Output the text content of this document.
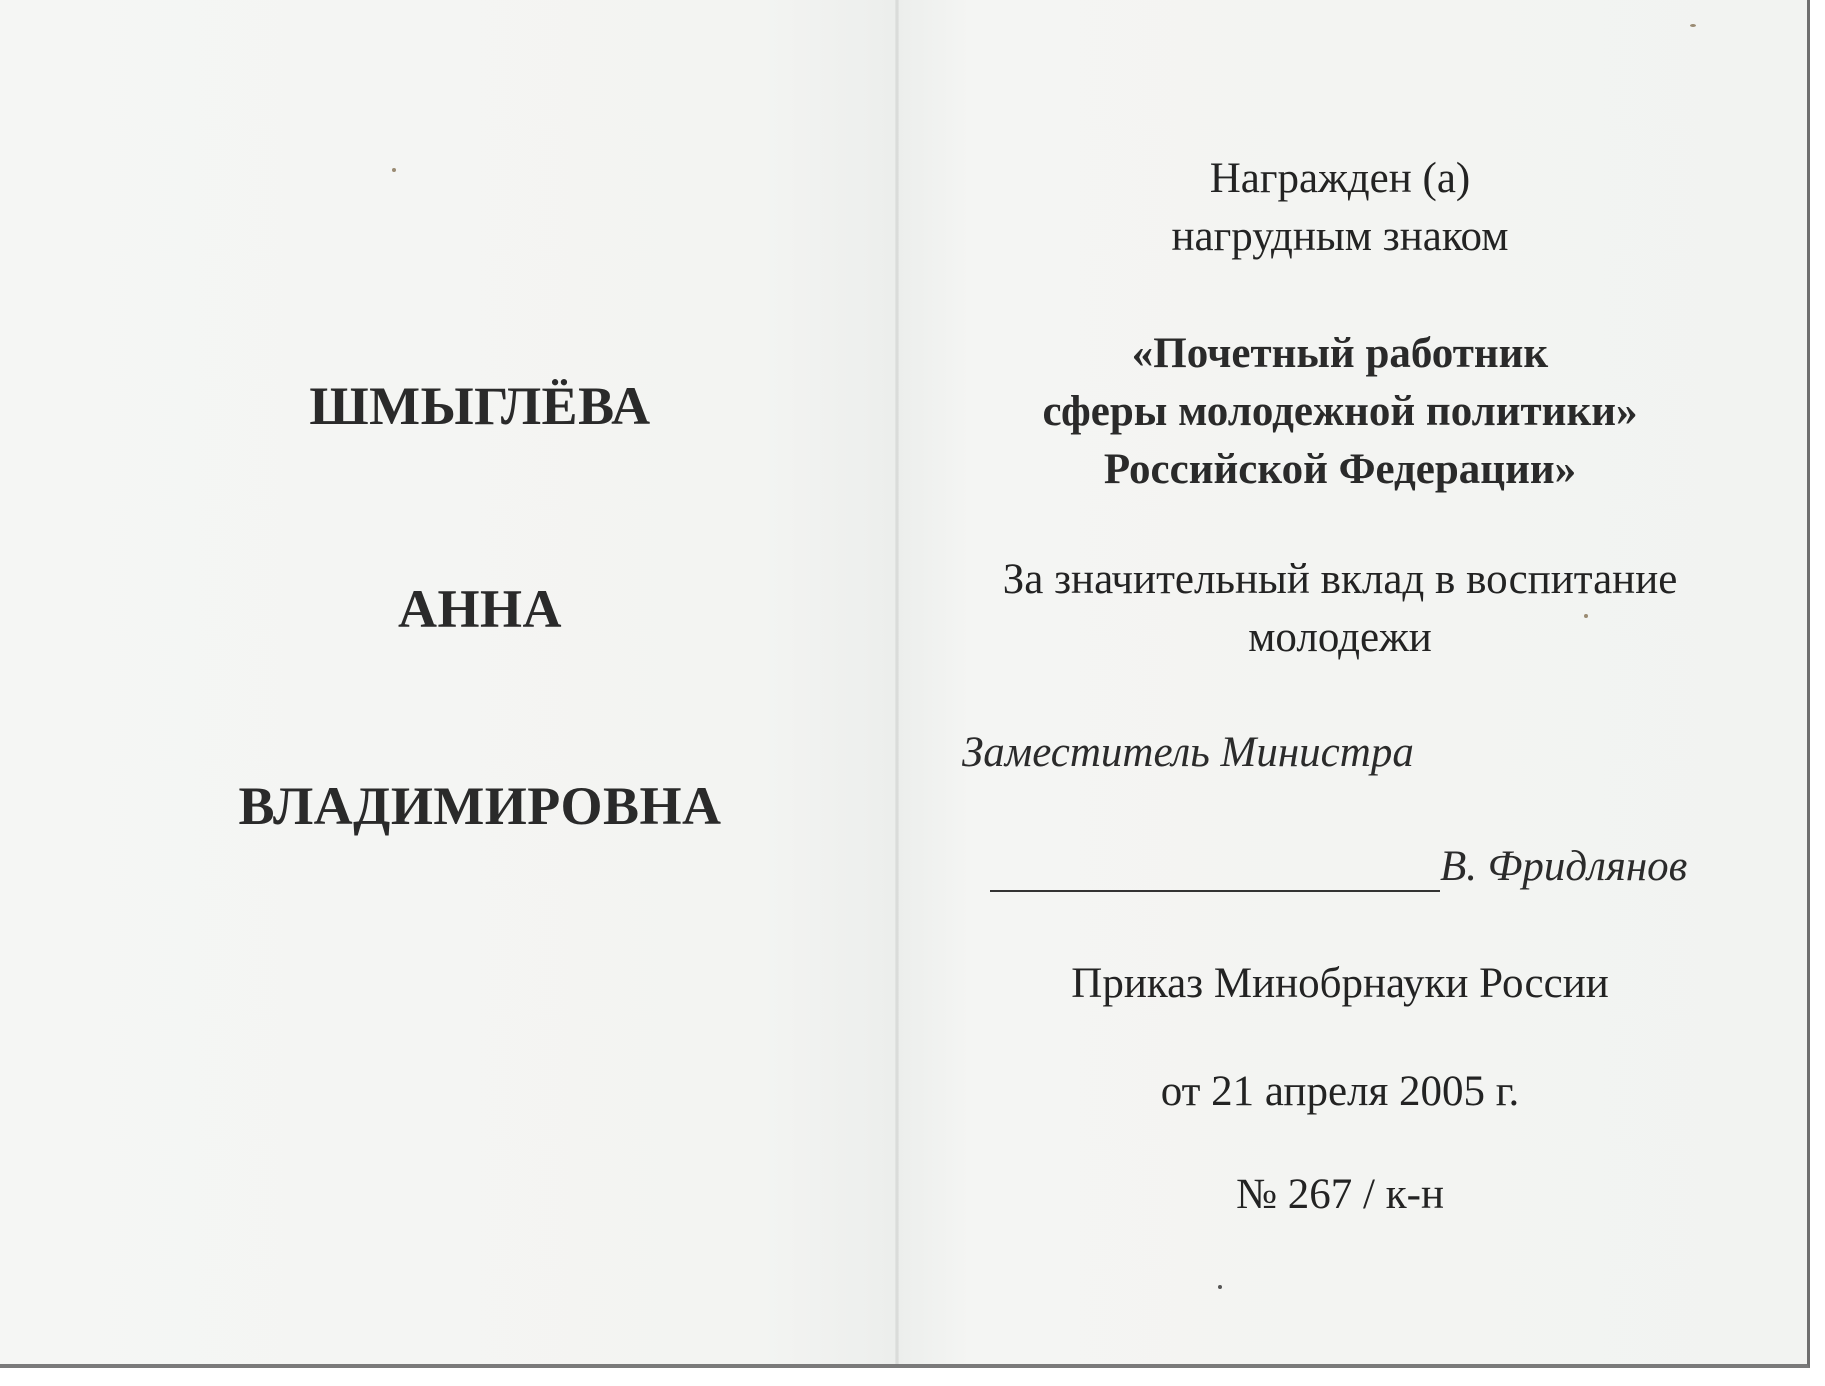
ШМЫГЛЁВА
АННА
ВЛАДИМИРОВНА
Награжден (а)
нагрудным знаком
«Почетный работник
сферы молодежной политики»
Российской Федерации»
За значительный вклад в воспитание
молодежи
Заместитель Министра
В. Фридлянов
Приказ Минобрнауки России
от 21 апреля 2005 г.
№ 267 / к-н
